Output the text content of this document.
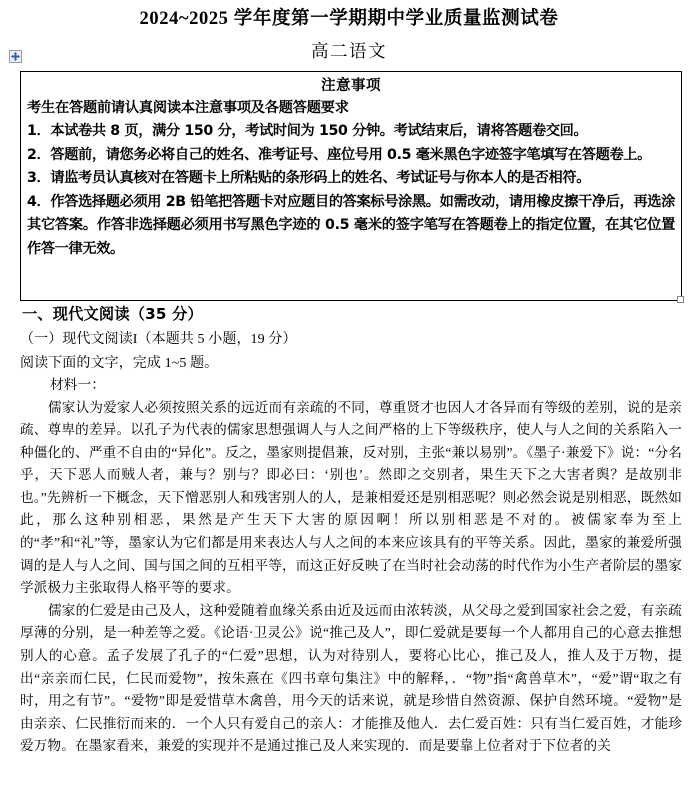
2024~2025 学年度第一学期期中学业质量监测试卷
高二语文
注意事项
考生在答题前请认真阅读本注意事项及各题答题要求
1．本试卷共 8 页，满分 150 分，考试时间为 150 分钟。考试结束后，请将答题卷交回。
2．答题前，请您务必将自己的姓名、准考证号、座位号用 0.5 毫米黑色字迹签字笔填写在答题卷上。
3．请监考员认真核对在答题卡上所粘贴的条形码上的姓名、考试证号与你本人的是否相符。
4．作答选择题必须用 2B 铅笔把答题卡对应题目的答案标号涂黑。如需改动，请用橡皮擦干净后，再选涂其它答案。作答非选择题必须用书写黑色字迹的 0.5 毫米的签字笔写在答题卷上的指定位置，在其它位置作答一律无效。
一、现代文阅读（35 分）
（一）现代文阅读I（本题共 5 小题，19 分）
阅读下面的文字，完成 1~5 题。
材料一：

儒家认为爱家人必须按照关系的远近而有亲疏的不同，尊重贤才也因人才各异而有等级的差别，说的是亲疏、尊卑的差异。以孔子为代表的儒家思想强调人与人之间严格的上下等级秩序，使人与人之间的关系陷入一种僵化的、严重不自由的“异化”。反之，墨家则提倡兼，反对别，主张“兼以易别”。《墨子·兼爱下》说：“分名乎，天下恶人而贼人者，兼与？别与？即必曰：‘别也’。然即之交别者，果生天下之大害者舆？是故别非也。”先辨析一下概念，天下憎恶别人和残害别人的人，是兼相爱还是别相恶呢？则必然会说是别相恶，既然如此，那么这种别相恶，果然是产生天下大害的原因啊！所以别相恶是不对的。被儒家奉为至上的“孝”和“礼”等，墨家认为它们都是用来表达人与人之间的本来应该具有的平等关系。因此，墨家的兼爱所强调的是人与人之间、国与国之间的互相平等，而这正好反映了在当时社会动荡的时代作为小生产者阶层的墨家学派极力主张取得人格平等的要求。

儒家的仁爱是由己及人，这种爱随着血缘关系由近及远而由浓转淡，从父母之爱到国家社会之爱，有亲疏厚薄的分别，是一种差等之爱。《论语·卫灵公》说“推己及人”，即仁爱就是要每一个人都用自己的心意去推想别人的心意。孟子发展了孔子的“仁爱”思想，认为对待别人，要将心比心，推己及人，推人及于万物，提出“亲亲而仁民，仁民而爱物”，按朱熹在《四书章句集注》中的解释，．“物”指“禽兽草木”，“爱”谓“取之有时，用之有节”。“爱物”即是爱惜草木禽兽，用今天的话来说，就是珍惜自然资源、保护自然环境。“爱物”是由亲亲、仁民推衍而来的．一个人只有爱自己的亲人：才能推及他人．去仁爱百姓：只有当仁爱百姓，才能珍爱万物。在墨家看来，兼爱的实现并不是通过推己及人来实现的．而是要靠上位者对于下位者的关
